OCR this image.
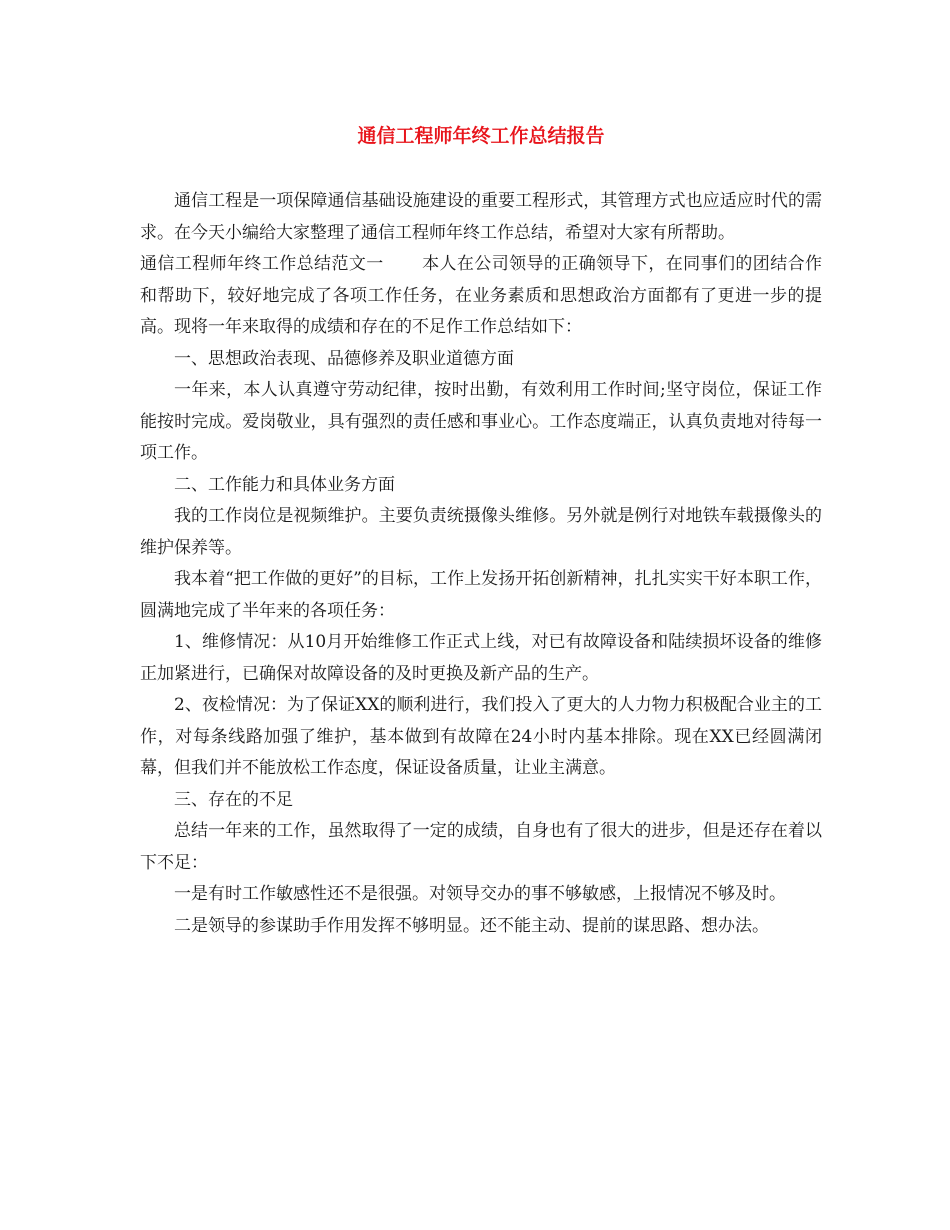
通信工程师年终工作总结报告

通信工程是一项保障通信基础设施建设的重要工程形式，其管理方式也应适应时代的需求。在今天小编给大家整理了通信工程师年终工作总结，希望对大家有所帮助。

通信工程师年终工作总结范文一 本人在公司领导的正确领导下，在同事们的团结合作和帮助下，较好地完成了各项工作任务，在业务素质和思想政治方面都有了更进一步的提高。现将一年来取得的成绩和存在的不足作工作总结如下：

一、思想政治表现、品德修养及职业道德方面

一年来，本人认真遵守劳动纪律，按时出勤，有效利用工作时间;坚守岗位，保证工作能按时完成。爱岗敬业，具有强烈的责任感和事业心。工作态度端正，认真负责地对待每一项工作。

二、工作能力和具体业务方面

我的工作岗位是视频维护。主要负责统摄像头维修。另外就是例行对地铁车载摄像头的维护保养等。

我本着“把工作做的更好”的目标，工作上发扬开拓创新精神，扎扎实实干好本职工作，圆满地完成了半年来的各项任务：

1、维修情况：从10月开始维修工作正式上线，对已有故障设备和陆续损坏设备的维修正加紧进行，已确保对故障设备的及时更换及新产品的生产。

2、夜检情况：为了保证XX的顺利进行，我们投入了更大的人力物力积极配合业主的工作，对每条线路加强了维护，基本做到有故障在24小时内基本排除。现在XX已经圆满闭幕，但我们并不能放松工作态度，保证设备质量，让业主满意。

三、存在的不足

总结一年来的工作，虽然取得了一定的成绩，自身也有了很大的进步，但是还存在着以下不足：

一是有时工作敏感性还不是很强。对领导交办的事不够敏感，上报情况不够及时。

二是领导的参谋助手作用发挥不够明显。还不能主动、提前的谋思路、想办法。
